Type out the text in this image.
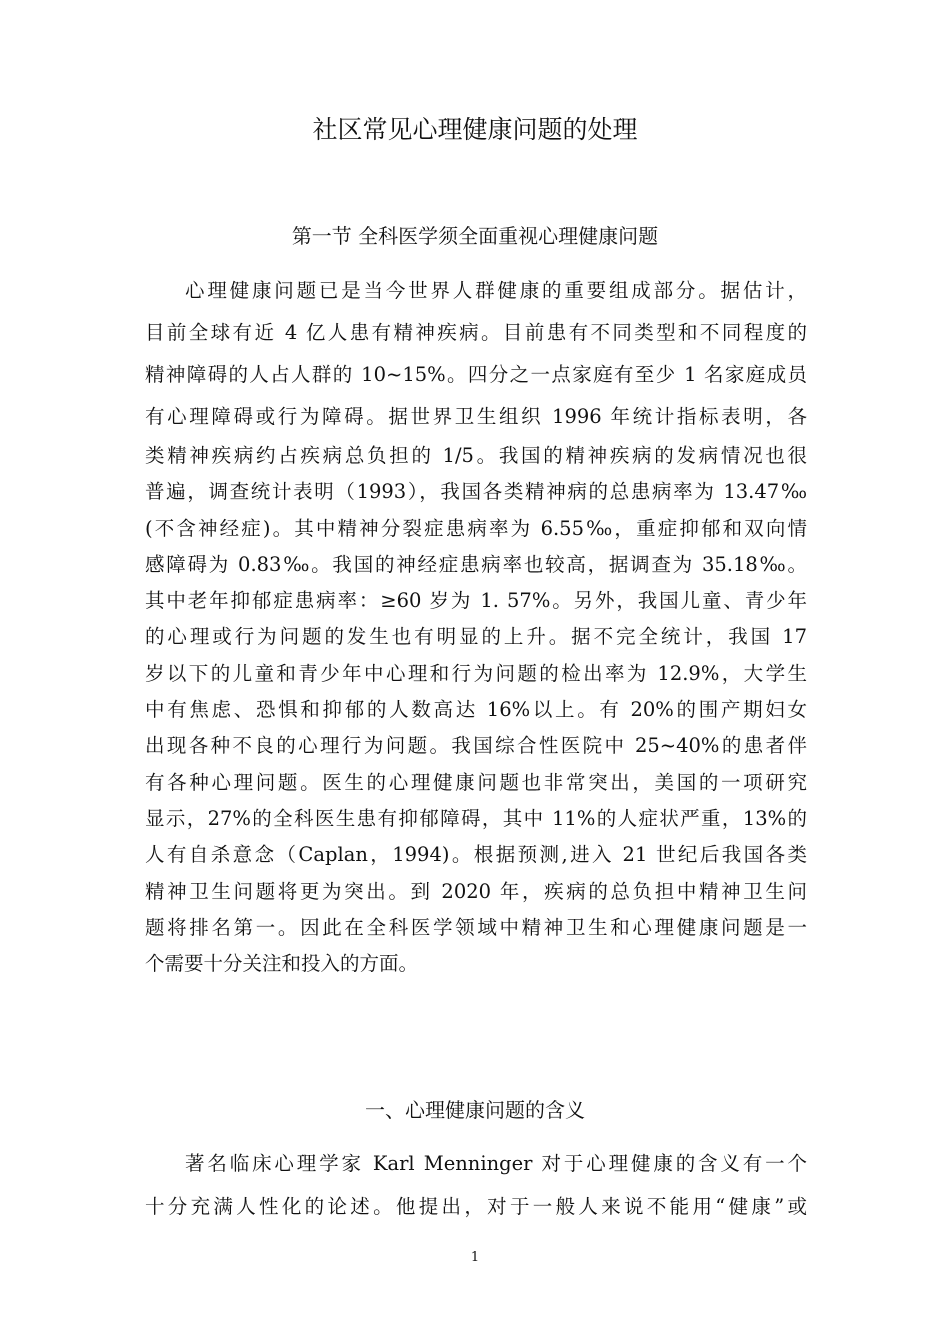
社区常见心理健康问题的处理
第一节 全科医学须全面重视心理健康问题
心理健康问题已是当今世界人群健康的重要组成部分。据估计，
目前全球有近 4 亿人患有精神疾病。目前患有不同类型和不同程度的
精神障碍的人占人群的 10~15%。四分之一点家庭有至少 1 名家庭成员
有心理障碍或行为障碍。据世界卫生组织 1996 年统计指标表明，各
类精神疾病约占疾病总负担的 1/5。我国的精神疾病的发病情况也很
普遍，调查统计表明（1993），我国各类精神病的总患病率为 13.47‰
(不含神经症)。其中精神分裂症患病率为 6.55‰，重症抑郁和双向情
感障碍为 0.83‰。我国的神经症患病率也较高，据调查为 35.18‰。
其中老年抑郁症患病率：≥60 岁为 1. 57%。另外，我国儿童、青少年
的心理或行为问题的发生也有明显的上升。据不完全统计，我国 17
岁以下的儿童和青少年中心理和行为问题的检出率为 12.9%，大学生
中有焦虑、恐惧和抑郁的人数高达 16%以上。有 20%的围产期妇女
出现各种不良的心理行为问题。我国综合性医院中 25~40%的患者伴
有各种心理问题。医生的心理健康问题也非常突出，美国的一项研究
显示，27%的全科医生患有抑郁障碍，其中 11%的人症状严重，13%的
人有自杀意念（Caplan，1994)。根据预测,进入 21 世纪后我国各类
精神卫生问题将更为突出。到 2020 年，疾病的总负担中精神卫生问
题将排名第一。因此在全科医学领域中精神卫生和心理健康问题是一
个需要十分关注和投入的方面。
一、心理健康问题的含义
著名临床心理学家 Karl Menninger 对于心理健康的含义有一个
十分充满人性化的论述。他提出，对于一般人来说不能用“健康”或
1
